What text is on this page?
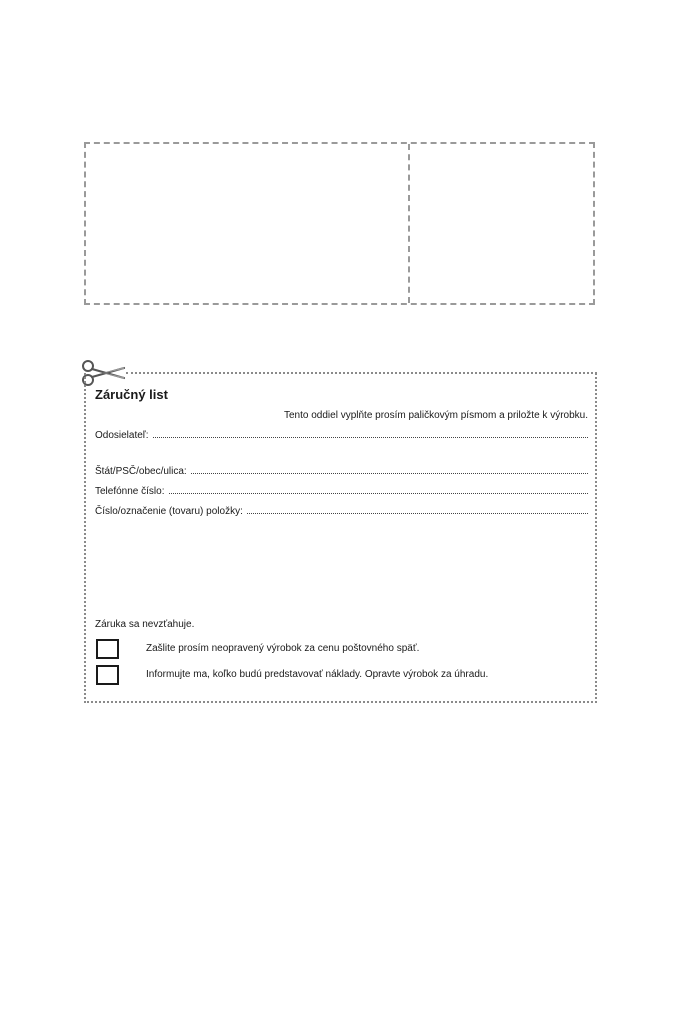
Záručný list
Tento oddiel vyplňte prosím paličkovým písmom a priložte k výrobku.
Odosielateľ:
Štát/PSČ/obec/ulica:
Telefónne číslo:
Číslo/označenie (tovaru) položky:
Záruka sa nevzťahuje.
Zašlite prosím neopravený výrobok za cenu poštovného späť.
Informujte ma, koľko budú predstavovať náklady. Opravte výrobok za úhradu.
